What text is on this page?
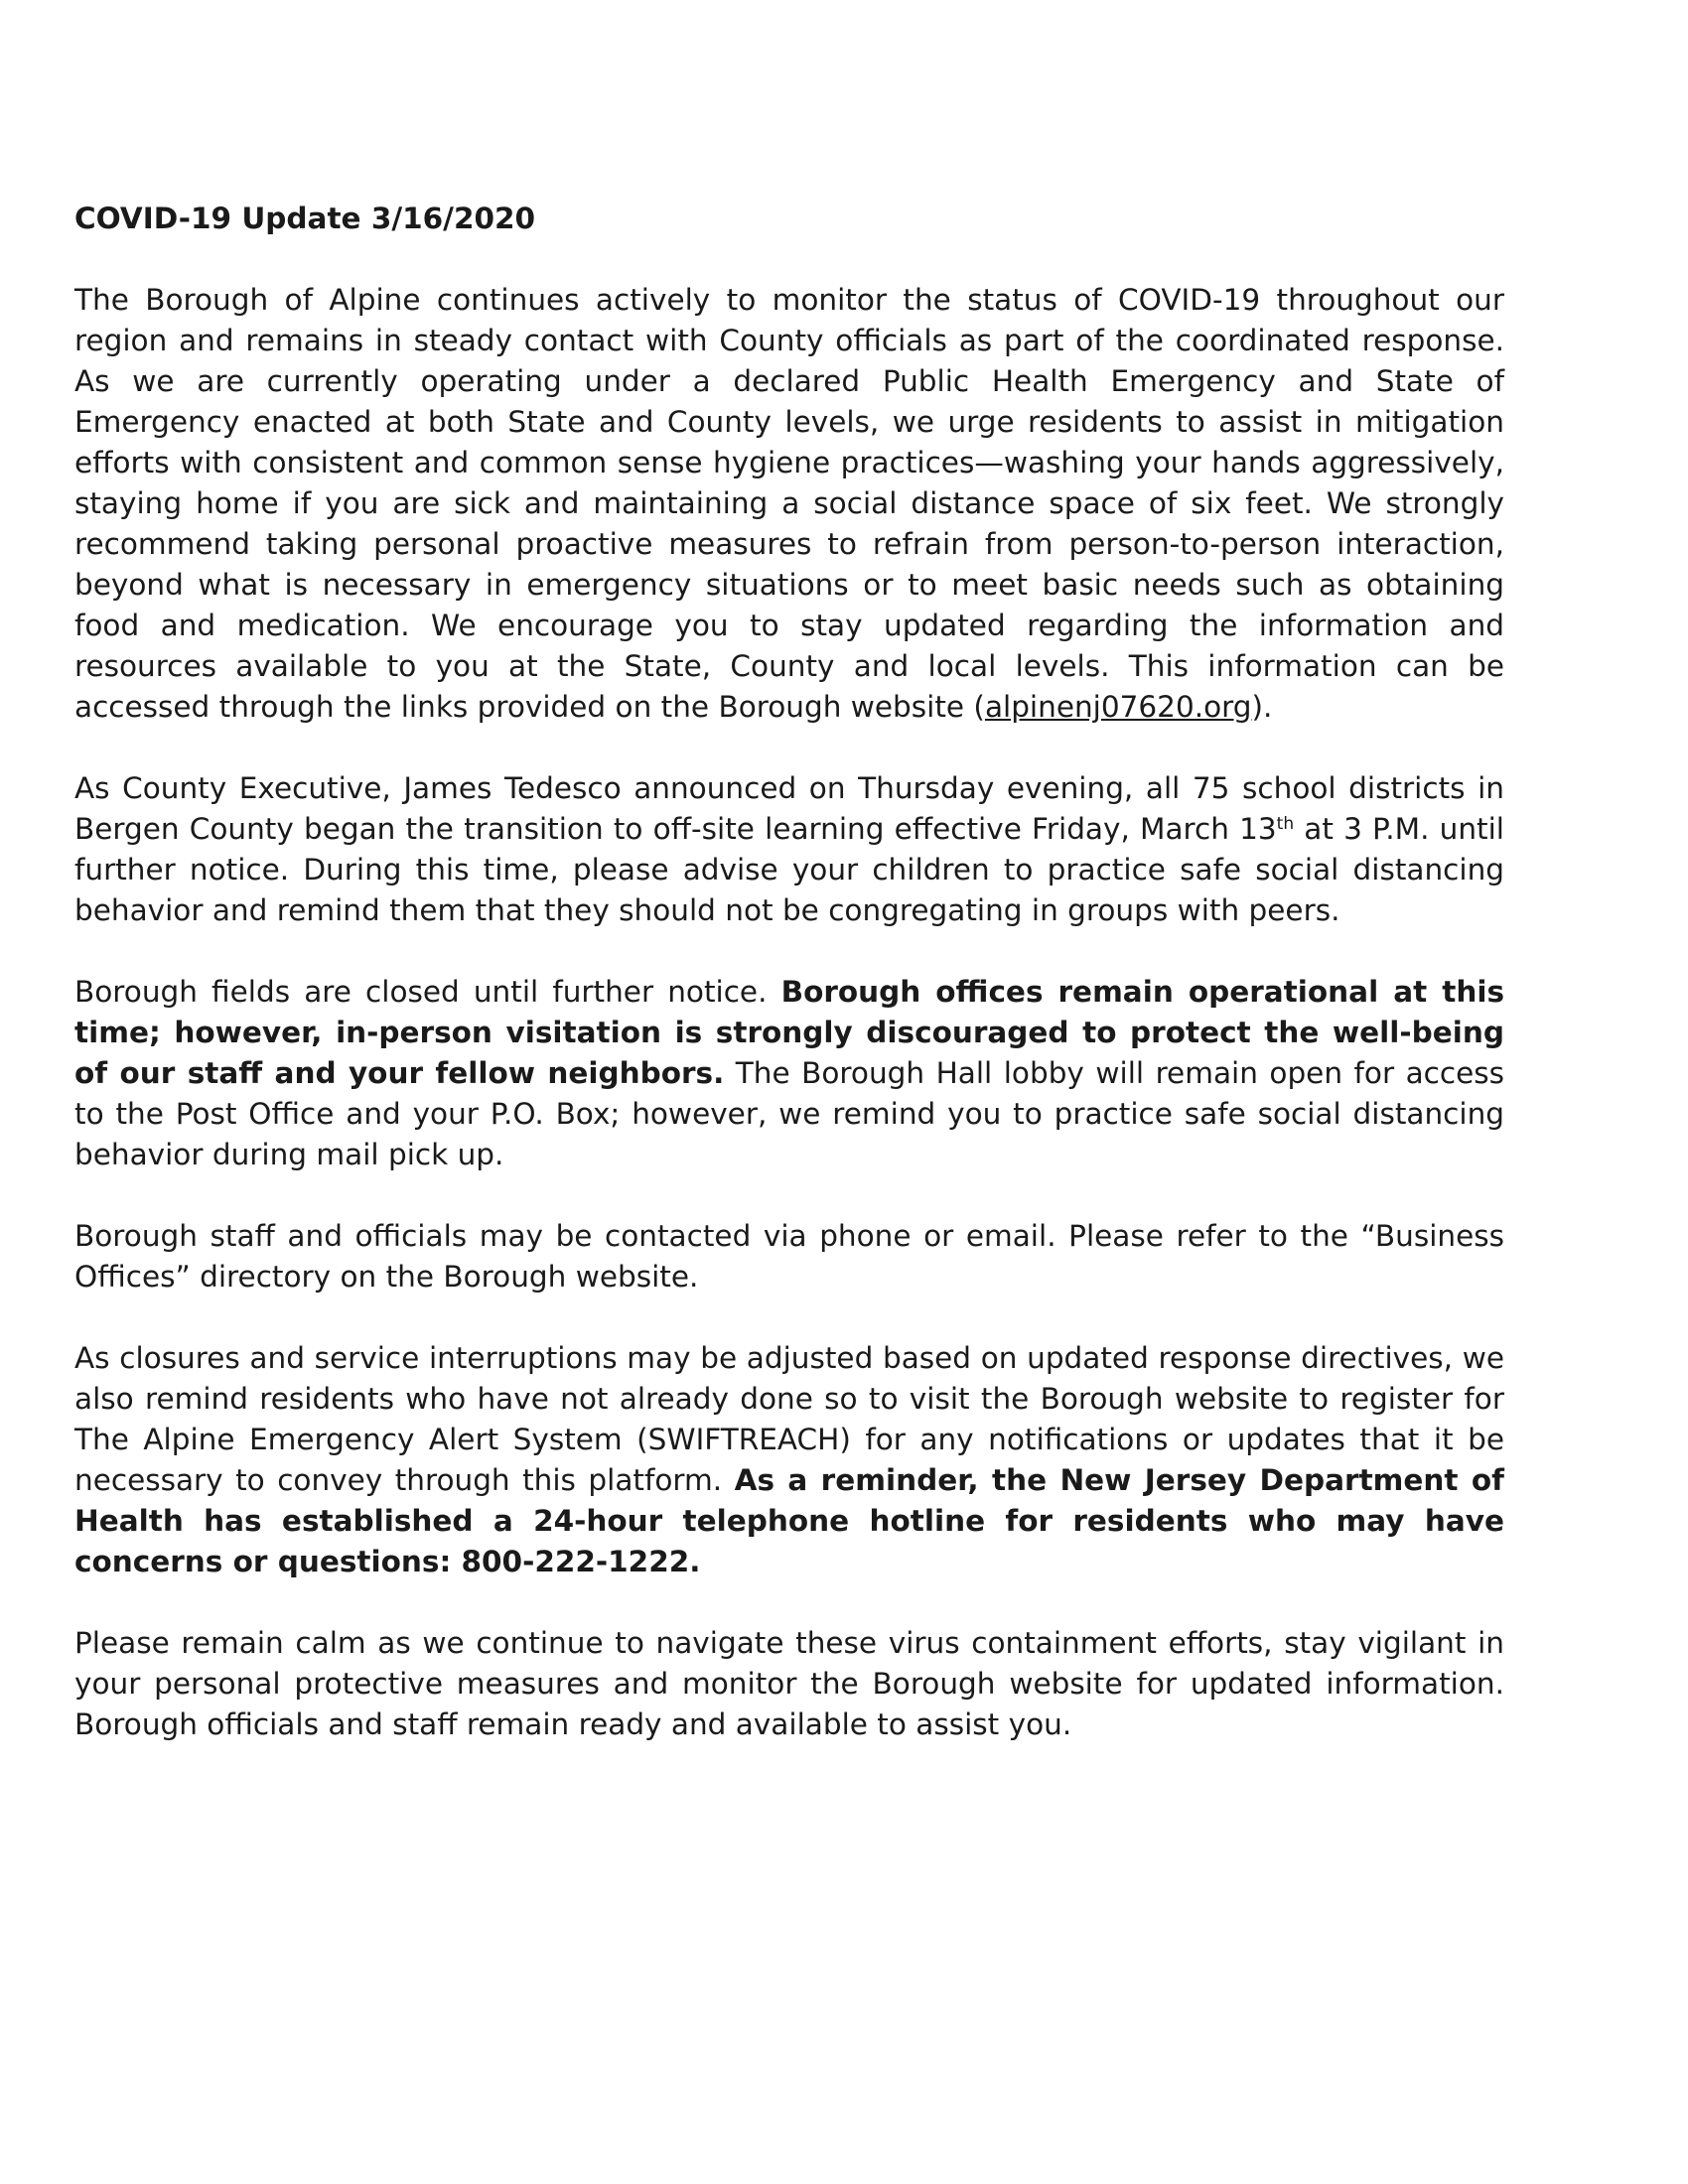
COVID-19 Update 3/16/2020

The Borough of Alpine continues actively to monitor the status of COVID-19 throughout our region and remains in steady contact with County officials as part of the coordinated response. As we are currently operating under a declared Public Health Emergency and State of Emergency enacted at both State and County levels, we urge residents to assist in mitigation efforts with consistent and common sense hygiene practices—washing your hands aggressively, staying home if you are sick and maintaining a social distance space of six feet. We strongly recommend taking personal proactive measures to refrain from person-to-person interaction, beyond what is necessary in emergency situations or to meet basic needs such as obtaining food and medication. We encourage you to stay updated regarding the information and resources available to you at the State, County and local levels. This information can be accessed through the links provided on the Borough website (alpinenj07620.org).

As County Executive, James Tedesco announced on Thursday evening, all 75 school districts in Bergen County began the transition to off-site learning effective Friday, March 13th at 3 P.M. until further notice. During this time, please advise your children to practice safe social distancing behavior and remind them that they should not be congregating in groups with peers.

Borough fields are closed until further notice. Borough offices remain operational at this time; however, in-person visitation is strongly discouraged to protect the well-being of our staff and your fellow neighbors. The Borough Hall lobby will remain open for access to the Post Office and your P.O. Box; however, we remind you to practice safe social distancing behavior during mail pick up.

Borough staff and officials may be contacted via phone or email. Please refer to the “Business Offices” directory on the Borough website.

As closures and service interruptions may be adjusted based on updated response directives, we also remind residents who have not already done so to visit the Borough website to register for The Alpine Emergency Alert System (SWIFTREACH) for any notifications or updates that it be necessary to convey through this platform. As a reminder, the New Jersey Department of Health has established a 24-hour telephone hotline for residents who may have concerns or questions: 800-222-1222.

Please remain calm as we continue to navigate these virus containment efforts, stay vigilant in your personal protective measures and monitor the Borough website for updated information. Borough officials and staff remain ready and available to assist you.
